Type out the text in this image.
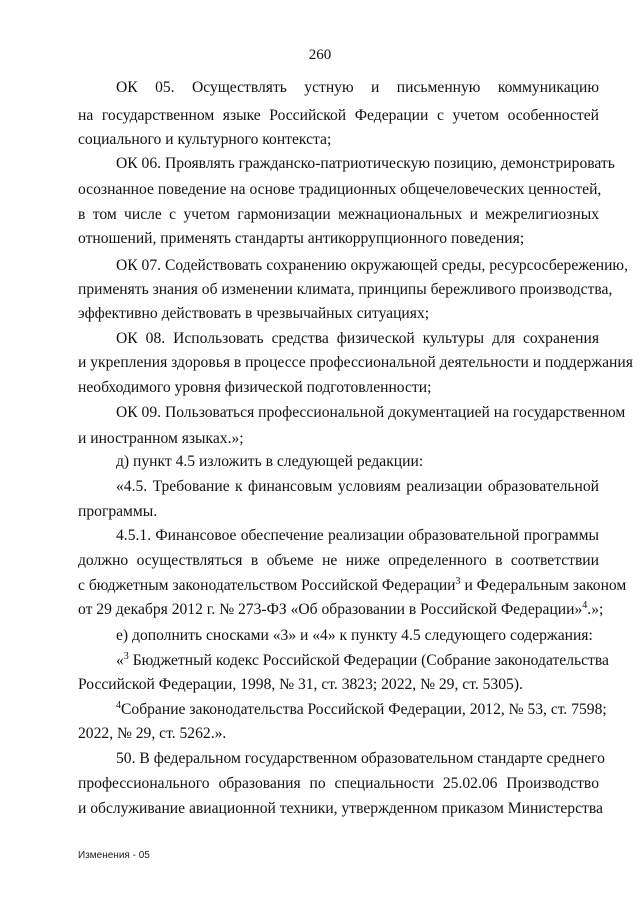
260
ОК 05. Осуществлять устную и письменную коммуникацию
на государственном языке Российской Федерации с учетом особенностей
социального и культурного контекста;
ОК 06. Проявлять гражданско-патриотическую позицию, демонстрировать
осознанное поведение на основе традиционных общечеловеческих ценностей,
в том числе с учетом гармонизации межнациональных и межрелигиозных
отношений, применять стандарты антикоррупционного поведения;
ОК 07. Содействовать сохранению окружающей среды, ресурсосбережению,
применять знания об изменении климата, принципы бережливого производства,
эффективно действовать в чрезвычайных ситуациях;
ОК 08. Использовать средства физической культуры для сохранения
и укрепления здоровья в процессе профессиональной деятельности и поддержания
необходимого уровня физической подготовленности;
ОК 09. Пользоваться профессиональной документацией на государственном
и иностранном языках.»;
д) пункт 4.5 изложить в следующей редакции:
«4.5. Требование к финансовым условиям реализации образовательной
программы.
4.5.1. Финансовое обеспечение реализации образовательной программы
должно осуществляться в объеме не ниже определенного в соответствии
с бюджетным законодательством Российской Федерации$^3$ и Федеральным законом
от 29 декабря 2012 г. № 273-ФЗ «Об образовании в Российской Федерации»$^4$.»;
е) дополнить сносками «3» и «4» к пункту 4.5 следующего содержания:
«$^3$ Бюджетный кодекс Российской Федерации (Собрание законодательства
Российской Федерации, 1998, № 31, ст. 3823; 2022, № 29, ст. 5305).
$^4$Собрание законодательства Российской Федерации, 2012, № 53, ст. 7598;
2022, № 29, ст. 5262.».
50. В федеральном государственном образовательном стандарте среднего
профессионального образования по специальности 25.02.06 Производство
и обслуживание авиационной техники, утвержденном приказом Министерства
Изменения - 05
